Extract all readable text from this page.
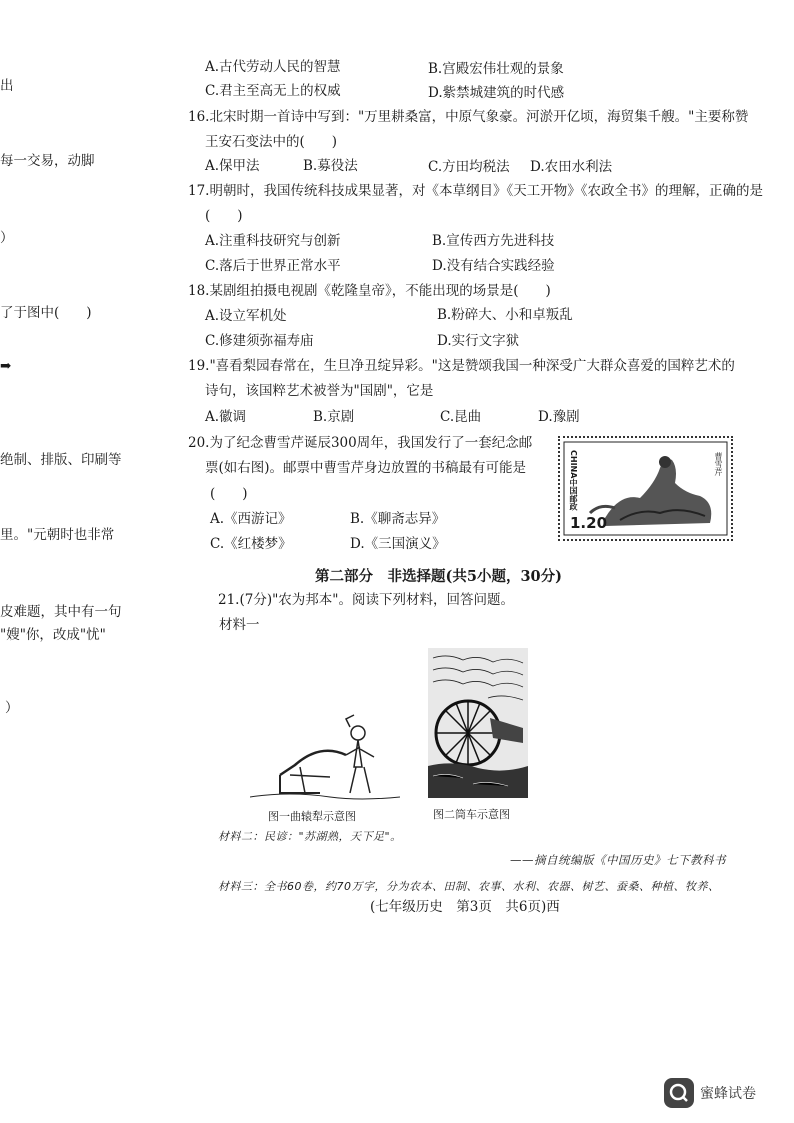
出
每一交易，动脚
）
了于图中(　　)
➡
绝制、排版、印刷等
里。"元朝时也非常
皮难题，其中有一句
"嫂"你，改成"忧"
）
A.古代劳动人民的智慧	B.宫殿宏伟壮观的景象
C.君主至高无上的权威	D.紫禁城建筑的时代感
16.北宋时期一首诗中写到："万里耕桑富，中原气象豪。河淤开亿顷，海贸集千艘。"主要称赞
王安石变法中的(　　)
A.保甲法	B.募役法	C.方田均税法 D.农田水利法
17.明朝时，我国传统科技成果显著，对《本草纲目》《天工开物》《农政全书》的理解，正确的是
(　　)
A.注重科技研究与创新	B.宣传西方先进科技
C.落后于世界正常水平	D.没有结合实践经验
18.某剧组拍摄电视剧《乾隆皇帝》，不能出现的场景是(　　)
A.设立军机处	B.粉碎大、小和卓叛乱
C.修建须弥福寿庙	D.实行文字狱
19."喜看梨园春常在，生旦净丑绽异彩。"这是赞颂我国一种深受广大群众喜爱的国粹艺术的
诗句，该国粹艺术被誉为"国剧"，它是
A.徽调	B.京剧	C.昆曲	D.豫剧
20.为了纪念曹雪芹诞辰300周年，我国发行了一套纪念邮
票(如右图)。邮票中曹雪芹身边放置的书稿最有可能是
(　　)
A.《西游记》	B.《聊斋志异》
C.《红楼梦》	D.《三国演义》
CHINA中国邮政	曹雪芹
1.20
第二部分　非选择题(共5小题，30分)
21.(7分)"农为邦本"。阅读下列材料，回答问题。
材料一
图一曲辕犁示意图	图二筒车示意图
材料二：民谚："苏湖熟，天下足"。
——摘自统编版《中国历史》七下教科书
材料三：全书60卷，约70万字，分为农本、田制、农事、水利、农器、树艺、蚕桑、种植、牧养、
(七年级历史　第3页　共6页)西
蜜蜂试卷
